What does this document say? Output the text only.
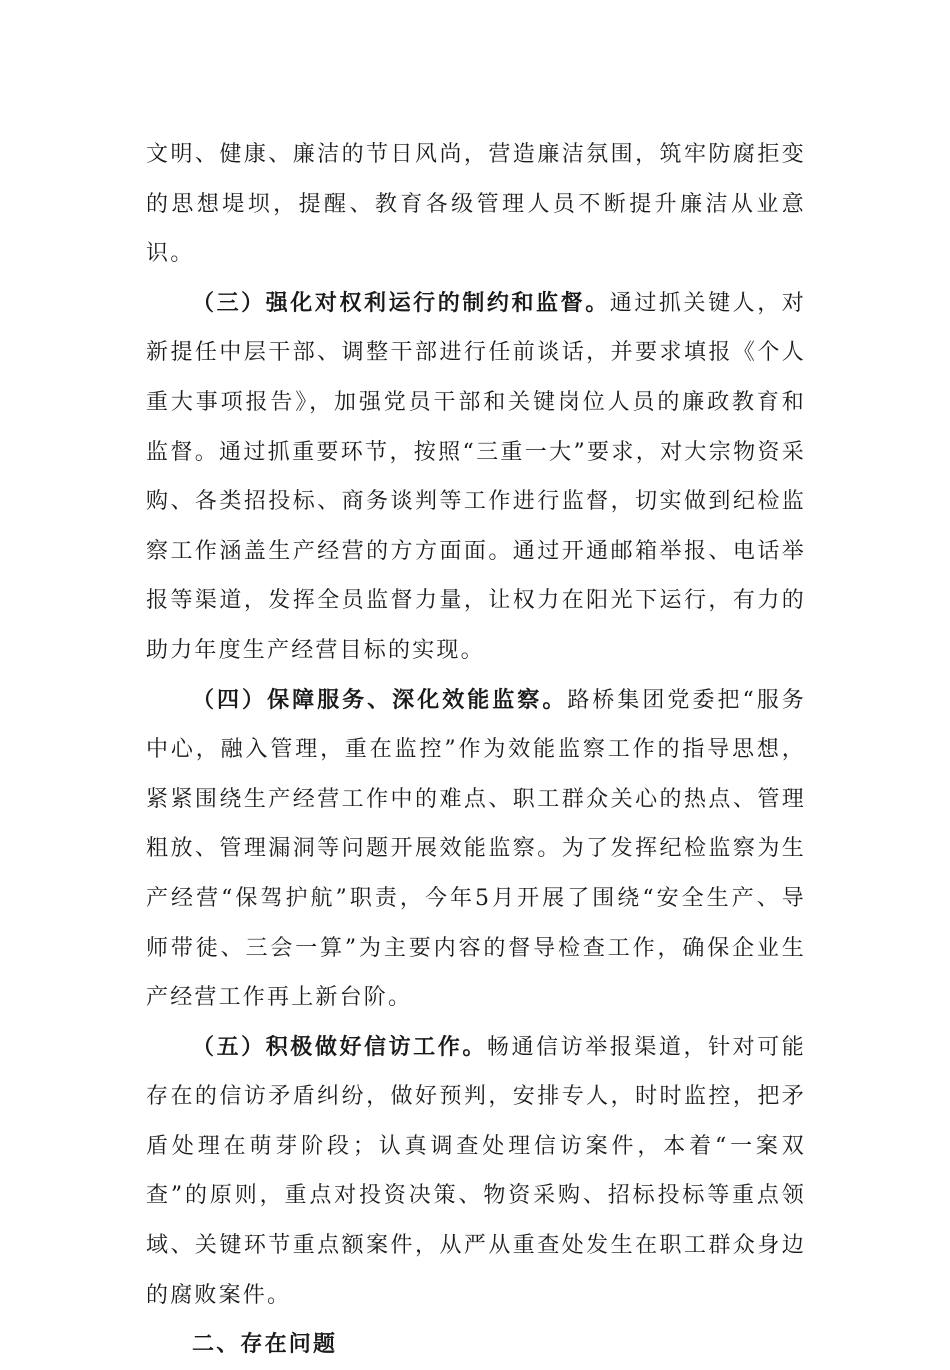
文明、健康、廉洁的节日风尚，营造廉洁氛围，筑牢防腐拒变的思想堤坝，提醒、教育各级管理人员不断提升廉洁从业意识。

（三）强化对权利运行的制约和监督。通过抓关键人，对新提任中层干部、调整干部进行任前谈话，并要求填报《个人重大事项报告》，加强党员干部和关键岗位人员的廉政教育和监督。通过抓重要环节，按照“三重一大”要求，对大宗物资采购、各类招投标、商务谈判等工作进行监督，切实做到纪检监察工作涵盖生产经营的方方面面。通过开通邮箱举报、电话举报等渠道，发挥全员监督力量，让权力在阳光下运行，有力的助力年度生产经营目标的实现。

（四）保障服务、深化效能监察。路桥集团党委把“服务中心，融入管理，重在监控”作为效能监察工作的指导思想，紧紧围绕生产经营工作中的难点、职工群众关心的热点、管理粗放、管理漏洞等问题开展效能监察。为了发挥纪检监察为生产经营“保驾护航”职责，今年5月开展了围绕“安全生产、导师带徒、三会一算”为主要内容的督导检查工作，确保企业生产经营工作再上新台阶。

（五）积极做好信访工作。畅通信访举报渠道，针对可能存在的信访矛盾纠纷，做好预判，安排专人，时时监控，把矛盾处理在萌芽阶段；认真调查处理信访案件，本着“一案双查”的原则，重点对投资决策、物资采购、招标投标等重点领域、关键环节重点额案件，从严从重查处发生在职工群众身边的腐败案件。

二、存在问题
